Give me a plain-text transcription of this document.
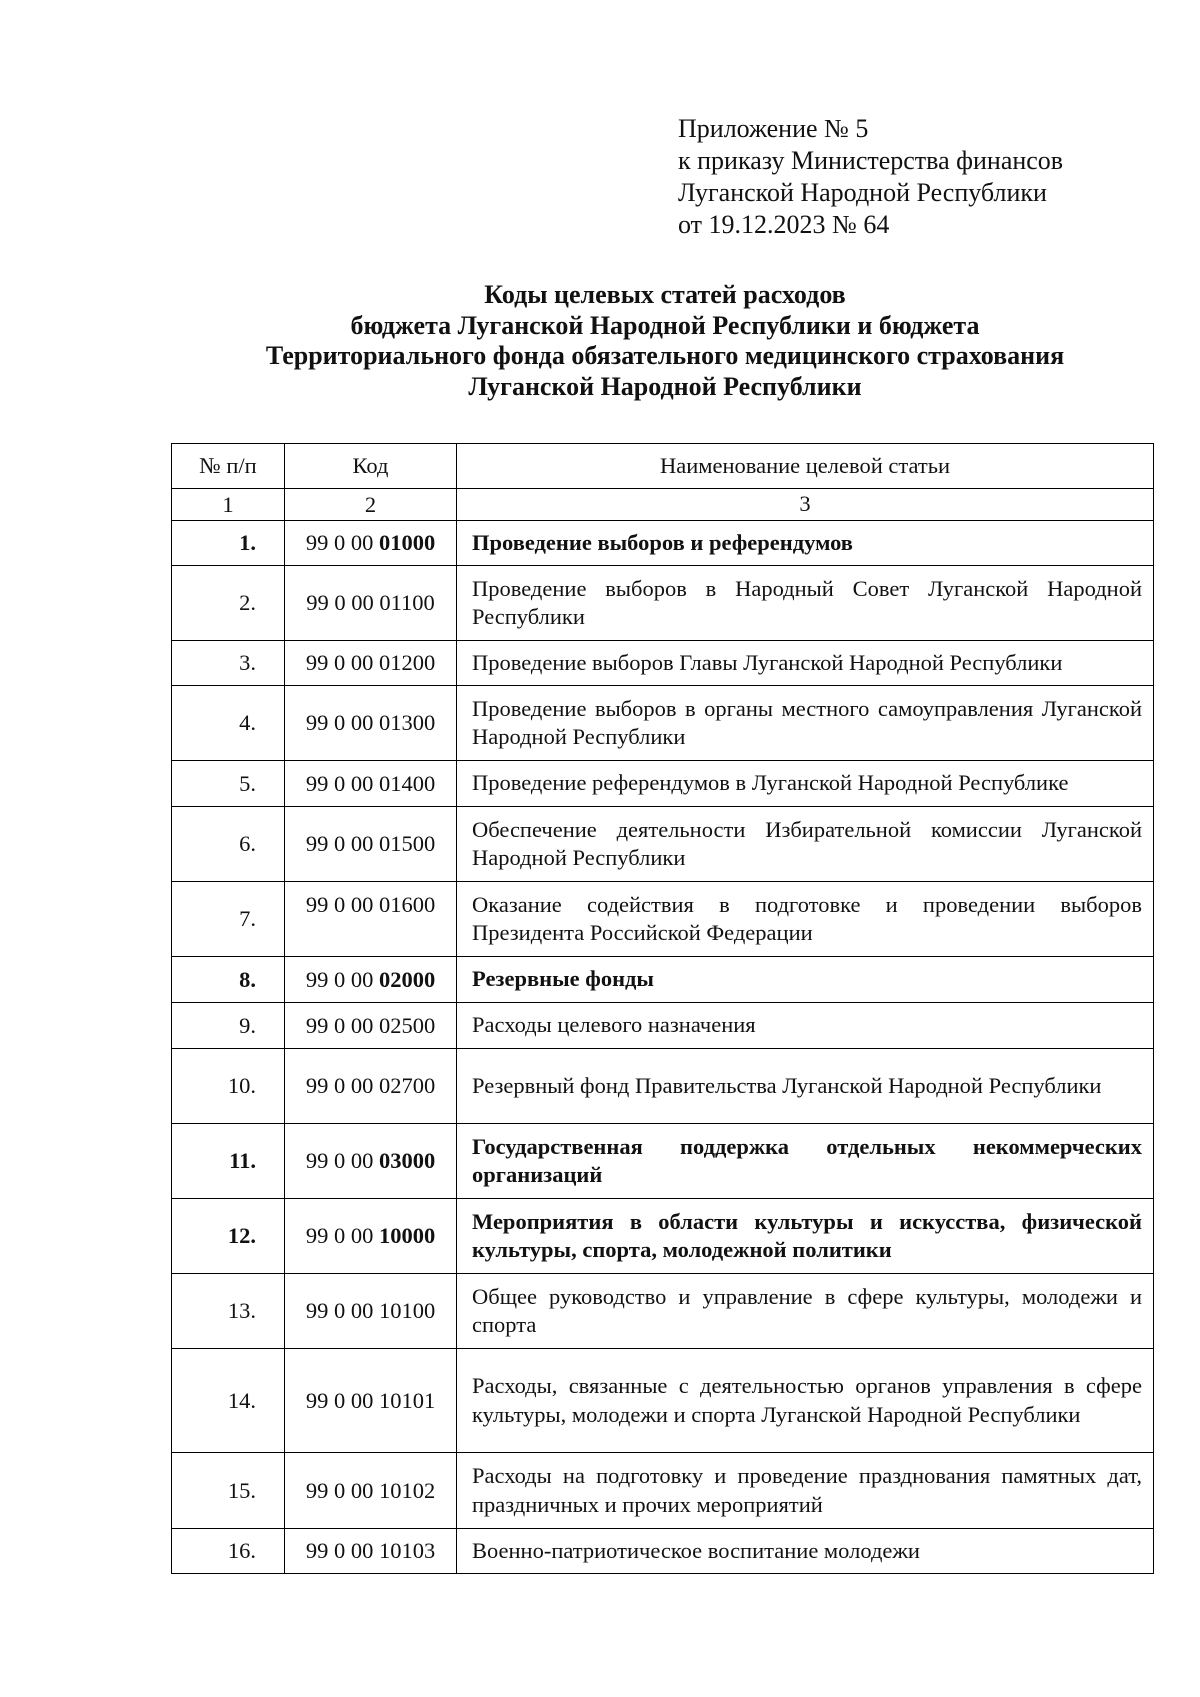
Приложение № 5
к приказу Министерства финансов
Луганской Народной Республики
от 19.12.2023 № 64
Коды целевых статей расходов
бюджета Луганской Народной Республики и бюджета
Территориального фонда обязательного медицинского страхования
Луганской Народной Республики
№ п/п	Код	Наименование целевой статьи
1	2	3
1.	99 0 00 01000	Проведение выборов и референдумов
2.	99 0 00 01100	Проведение выборов в Народный Совет Луганской Народной Республики
3.	99 0 00 01200	Проведение выборов Главы Луганской Народной Республики
4.	99 0 00 01300	Проведение выборов в органы местного самоуправления Луганской Народной Республики
5.	99 0 00 01400	Проведение референдумов в Луганской Народной Республике
6.	99 0 00 01500	Обеспечение деятельности Избирательной комиссии Луганской Народной Республики
7.	99 0 00 01600	Оказание содействия в подготовке и проведении выборов Президента Российской Федерации
8.	99 0 00 02000	Резервные фонды
9.	99 0 00 02500	Расходы целевого назначения
10.	99 0 00 02700	Резервный фонд Правительства Луганской Народной Республики
11.	99 0 00 03000	Государственная поддержка отдельных некоммерческих организаций
12.	99 0 00 10000	Мероприятия в области культуры и искусства, физической культуры, спорта, молодежной политики
13.	99 0 00 10100	Общее руководство и управление в сфере культуры, молодежи и спорта
14.	99 0 00 10101	Расходы, связанные с деятельностью органов управления в сфере культуры, молодежи и спорта Луганской Народной Республики
15.	99 0 00 10102	Расходы на подготовку и проведение празднования памятных дат, праздничных и прочих мероприятий
16.	99 0 00 10103	Военно-патриотическое воспитание молодежи
